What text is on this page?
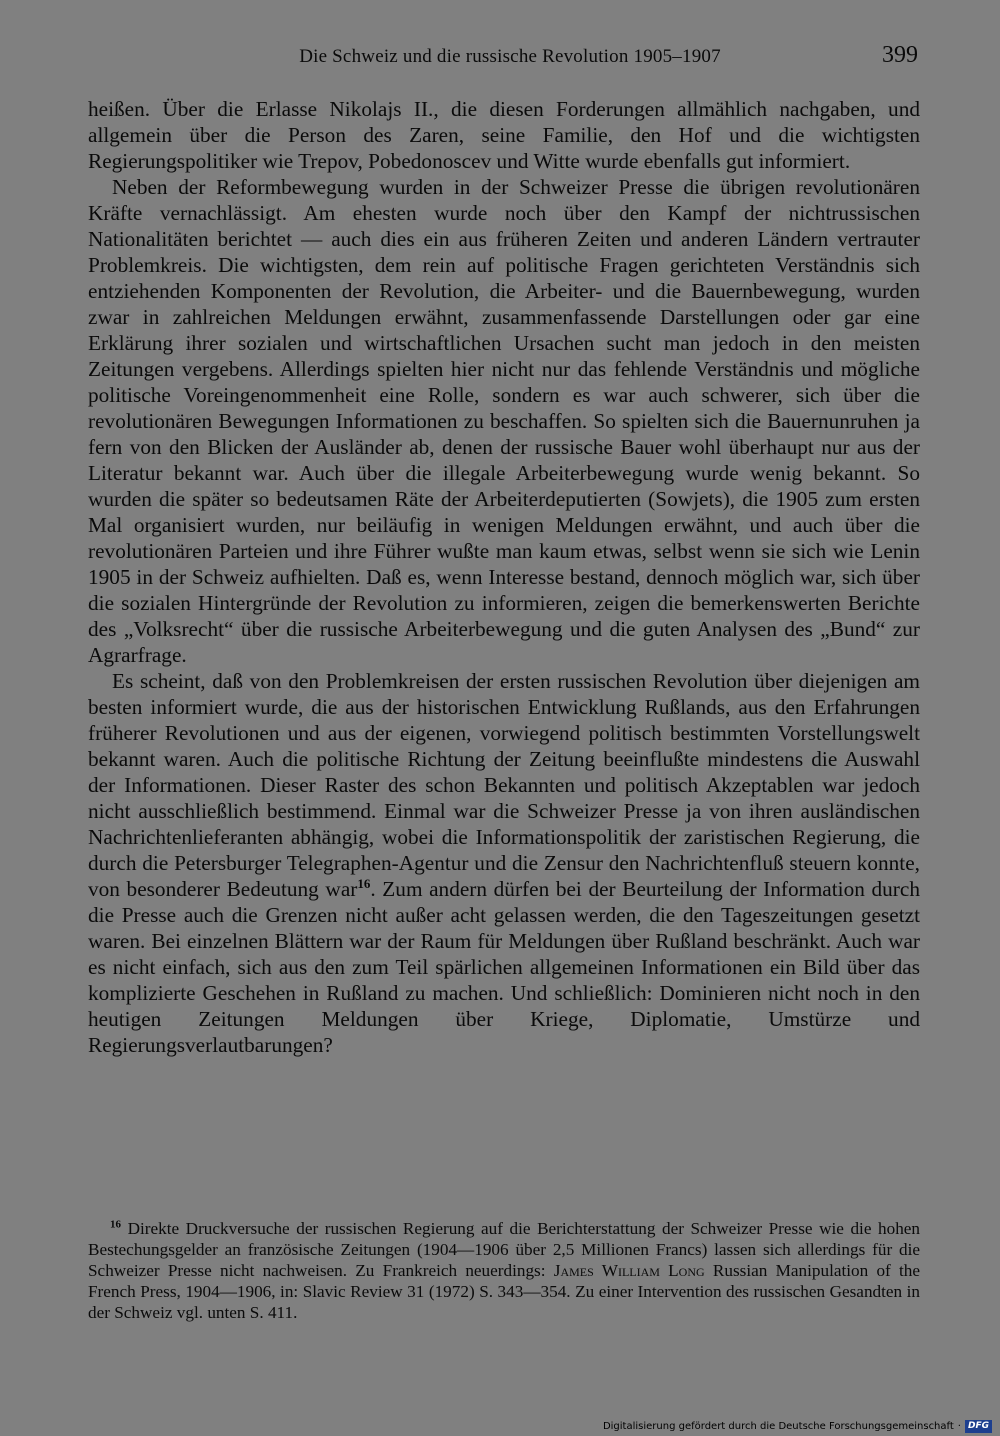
Die Schweiz und die russische Revolution 1905–1907	399

heißen. Über die Erlasse Nikolajs II., die diesen Forderungen allmählich nachgaben, und allgemein über die Person des Zaren, seine Familie, den Hof und die wichtigsten Regierungspolitiker wie Trepov, Pobedonoscev und Witte wurde ebenfalls gut informiert.

Neben der Reformbewegung wurden in der Schweizer Presse die übrigen revolutionären Kräfte vernachlässigt. Am ehesten wurde noch über den Kampf der nichtrussischen Nationalitäten berichtet — auch dies ein aus früheren Zeiten und anderen Ländern vertrauter Problemkreis. Die wichtigsten, dem rein auf politische Fragen gerichteten Verständnis sich entziehenden Komponenten der Revolution, die Arbeiter- und die Bauernbewegung, wurden zwar in zahlreichen Meldungen erwähnt, zusammenfassende Darstellungen oder gar eine Erklärung ihrer sozialen und wirtschaftlichen Ursachen sucht man jedoch in den meisten Zeitungen vergebens. Allerdings spielten hier nicht nur das fehlende Verständnis und mögliche politische Voreingenommenheit eine Rolle, sondern es war auch schwerer, sich über die revolutionären Bewegungen Informationen zu beschaffen. So spielten sich die Bauernunruhen ja fern von den Blicken der Ausländer ab, denen der russische Bauer wohl überhaupt nur aus der Literatur bekannt war. Auch über die illegale Arbeiterbewegung wurde wenig bekannt. So wurden die später so bedeutsamen Räte der Arbeiterdeputierten (Sowjets), die 1905 zum ersten Mal organisiert wurden, nur beiläufig in wenigen Meldungen erwähnt, und auch über die revolutionären Parteien und ihre Führer wußte man kaum etwas, selbst wenn sie sich wie Lenin 1905 in der Schweiz aufhielten. Daß es, wenn Interesse bestand, dennoch möglich war, sich über die sozialen Hintergründe der Revolution zu informieren, zeigen die bemerkenswerten Berichte des „Volksrecht“ über die russische Arbeiterbewegung und die guten Analysen des „Bund“ zur Agrarfrage.

Es scheint, daß von den Problemkreisen der ersten russischen Revolution über diejenigen am besten informiert wurde, die aus der historischen Entwicklung Rußlands, aus den Erfahrungen früherer Revolutionen und aus der eigenen, vorwiegend politisch bestimmten Vorstellungswelt bekannt waren. Auch die politische Richtung der Zeitung beeinflußte mindestens die Auswahl der Informationen. Dieser Raster des schon Bekannten und politisch Akzeptablen war jedoch nicht ausschließlich bestimmend. Einmal war die Schweizer Presse ja von ihren ausländischen Nachrichtenlieferanten abhängig, wobei die Informationspolitik der zaristischen Regierung, die durch die Petersburger Telegraphen-Agentur und die Zensur den Nachrichtenfluß steuern konnte, von besonderer Bedeutung war$^{16}$. Zum andern dürfen bei der Beurteilung der Information durch die Presse auch die Grenzen nicht außer acht gelassen werden, die den Tageszeitungen gesetzt waren. Bei einzelnen Blättern war der Raum für Meldungen über Rußland beschränkt. Auch war es nicht einfach, sich aus den zum Teil spärlichen allgemeinen Informationen ein Bild über das komplizierte Geschehen in Rußland zu machen. Und schließlich: Dominieren nicht noch in den heutigen Zeitungen Meldungen über Kriege, Diplomatie, Umstürze und Regierungsverlautbarungen?

$^{16}$ Direkte Druckversuche der russischen Regierung auf die Berichterstattung der Schweizer Presse wie die hohen Bestechungsgelder an französische Zeitungen (1904—1906 über 2,5 Millionen Francs) lassen sich allerdings für die Schweizer Presse nicht nachweisen. Zu Frankreich neuerdings: James William Long Russian Manipulation of the French Press, 1904—1906, in: Slavic Review 31 (1972) S. 343—354. Zu einer Intervention des russischen Gesandten in der Schweiz vgl. unten S. 411.

Digitalisierung gefördert durch die Deutsche Forschungsgemeinschaft · DFG
